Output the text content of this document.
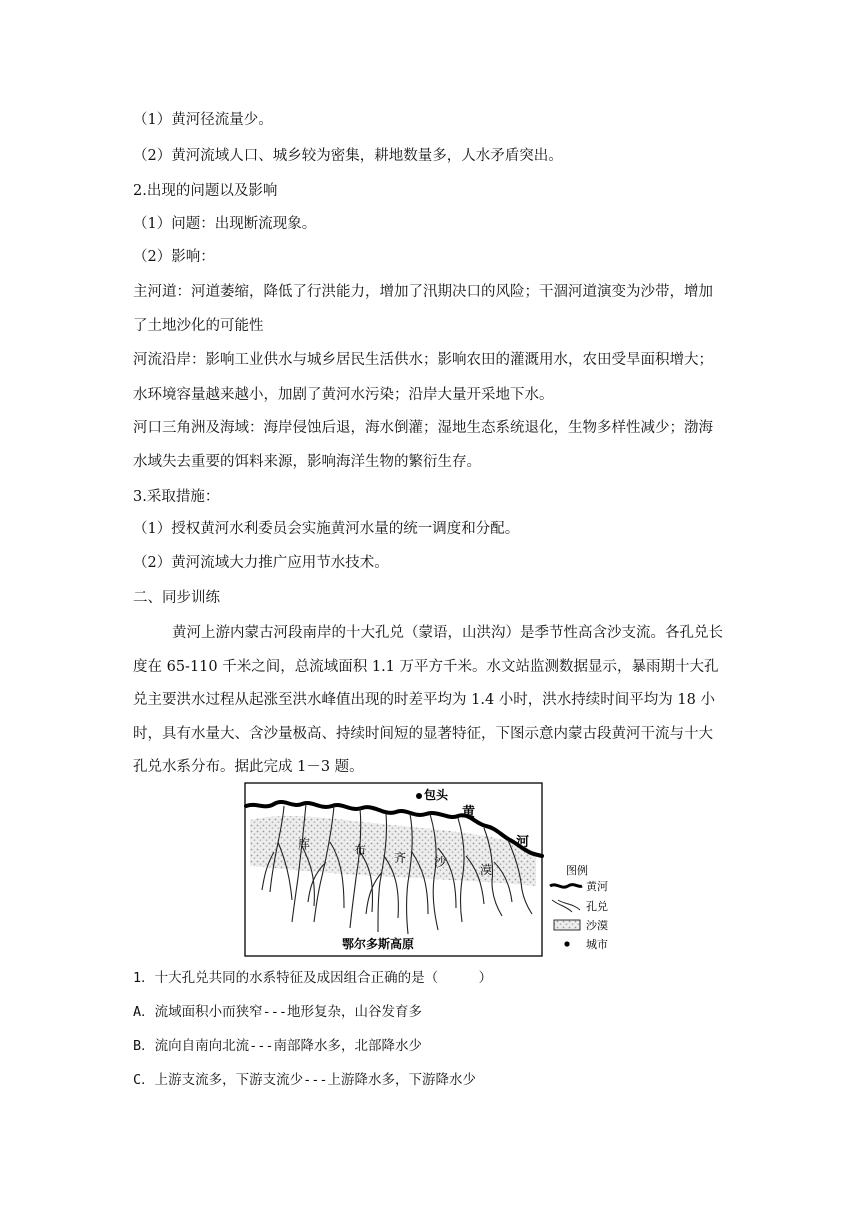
（1）黄河径流量少。
（2）黄河流域人口、城乡较为密集，耕地数量多，人水矛盾突出。
2.出现的问题以及影响
（1）问题：出现断流现象。
（2）影响：
主河道：河道萎缩，降低了行洪能力，增加了汛期决口的风险；干涸河道演变为沙带，增加
了土地沙化的可能性
河流沿岸：影响工业供水与城乡居民生活供水；影响农田的灌溉用水，农田受旱面积增大；
水环境容量越来越小，加剧了黄河水污染；沿岸大量开采地下水。
河口三角洲及海域：海岸侵蚀后退，海水倒灌；湿地生态系统退化，生物多样性减少；渤海
水域失去重要的饵料来源，影响海洋生物的繁衍生存。
3.采取措施：
（1）授权黄河水利委员会实施黄河水量的统一调度和分配。
（2）黄河流域大力推广应用节水技术。
二、同步训练
黄河上游内蒙古河段南岸的十大孔兑（蒙语，山洪沟）是季节性高含沙支流。各孔兑长
度在 65-110 千米之间，总流域面积 1.1 万平方千米。水文站监测数据显示，暴雨期十大孔
兑主要洪水过程从起涨至洪水峰值出现的时差平均为 1.4 小时，洪水持续时间平均为 18 小
时，具有水量大、含沙量极高、持续时间短的显著特征，下图示意内蒙古段黄河干流与十大
孔兑水系分布。据此完成 1－3 题。
包头
黄
河
库	布
齐 沙
漠
鄂尔多斯高原
图例
黄河
孔兑
沙漠
城市
1．十大孔兑共同的水系特征及成因组合正确的是（　　　）
A．流域面积小而狭窄---地形复杂，山谷发育多
B．流向自南向北流---南部降水多，北部降水少
C．上游支流多，下游支流少---上游降水多，下游降水少
